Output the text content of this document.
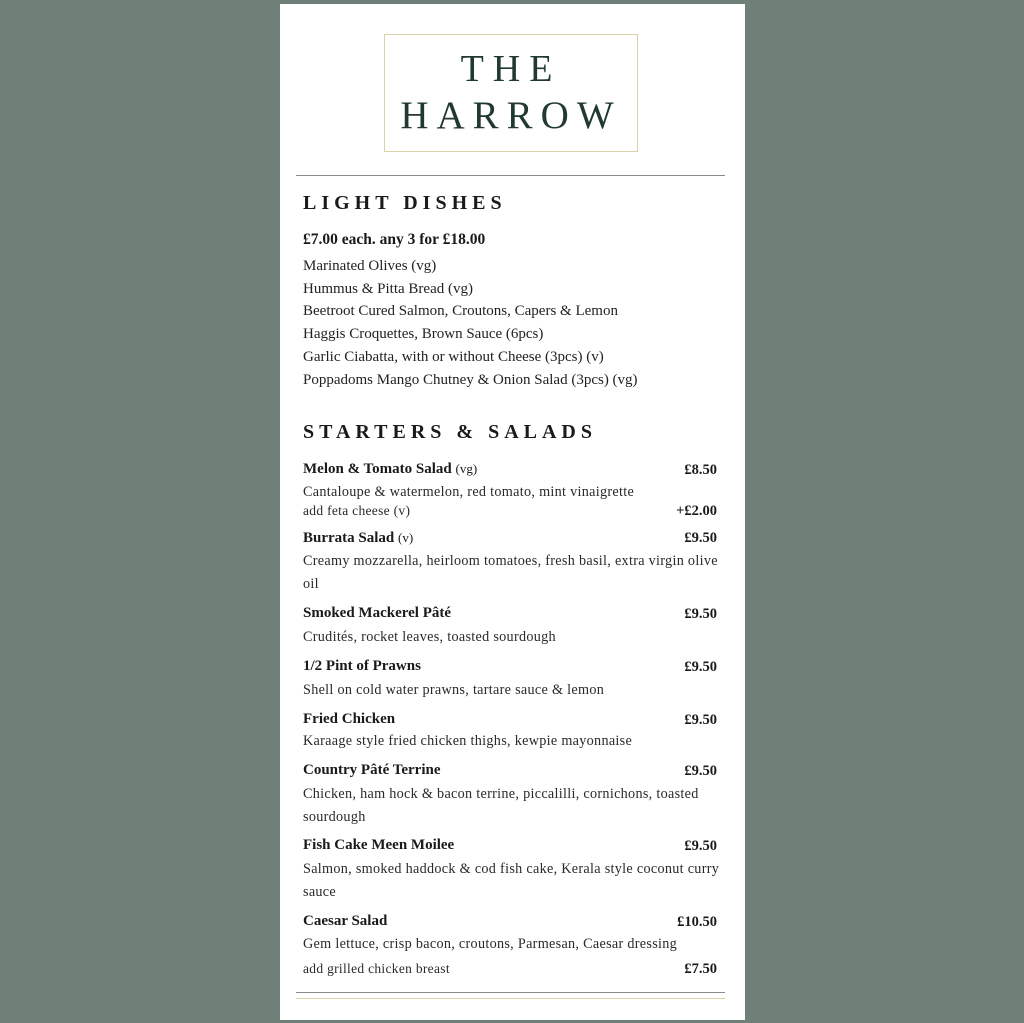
THE
HARROW
LIGHT DISHES
£7.00 each. any 3 for £18.00
Marinated Olives (vg)
Hummus & Pitta Bread (vg)
Beetroot Cured Salmon, Croutons, Capers & Lemon
Haggis Croquettes, Brown Sauce (6pcs)
Garlic Ciabatta, with or without Cheese (3pcs) (v)
Poppadoms Mango Chutney & Onion Salad (3pcs) (vg)
STARTERS & SALADS
Melon & Tomato Salad (vg)	£8.50
Cantaloupe & watermelon, red tomato, mint vinaigrette
add feta cheese (v)	+£2.00
Burrata Salad (v)	£9.50
Creamy mozzarella, heirloom tomatoes, fresh basil, extra virgin olive oil
Smoked Mackerel Pâté	£9.50
Crudités, rocket leaves, toasted sourdough
1/2 Pint of Prawns	£9.50
Shell on cold water prawns, tartare sauce & lemon
Fried Chicken	£9.50
Karaage style fried chicken thighs, kewpie mayonnaise
Country Pâté Terrine	£9.50
Chicken, ham hock & bacon terrine, piccalilli, cornichons, toasted sourdough
Fish Cake Meen Moilee	£9.50
Salmon, smoked haddock & cod fish cake, Kerala style coconut curry sauce
Caesar Salad	£10.50
Gem lettuce, crisp bacon, croutons, Parmesan, Caesar dressing
add grilled chicken breast	£7.50
